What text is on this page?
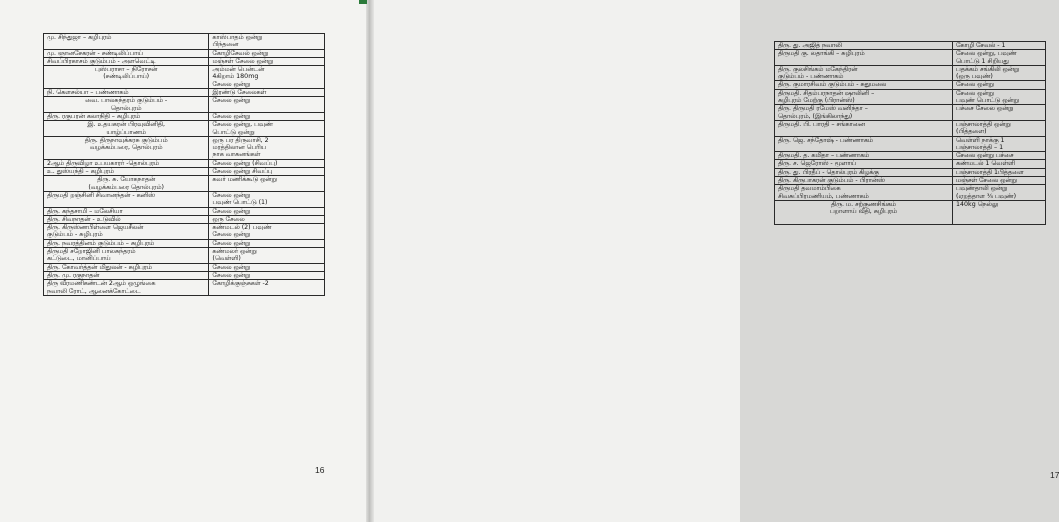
மு. சிந்துஜா – கழிபுரம்	காஸ்பாதம் ஒன்று
பிந்தனை

மு. ஞானசேகரன் - சண்டிலிப்பாய்	கோழிசேவல் ஒன்று

சிவப்பிரகாசம் குடும்பம் - அளவெட்டி	மஞ்சள் சேலை ஒன்று

புஸ்பராசா – நிரோசன்
(சண்டிலிப்பாய்)	அம்மன் பென்டன்
4கிறாம் 180mg
சேலை ஒன்று

நி. கௌசல்யா – பண்ணாகம்	இரண்டு சேலைகள்

வை. பாலசுந்தரம் குடும்பம் -
தொல்புரம்	சேலை ஒன்று

திரு. ரகுபரன் கலாநிதி – சுழிபுரம்	சேலை ஒன்று

இ. உதயகரன் பிரவுவினிதி,
யாழ்ப்பாணம்	சேலை ஒன்று, பவுண்
பொட்டு ஒன்று

திரு. திருநாவுக்கரசு குடும்பம்
வழக்கம்பரை, தொல்புரம்	ஒரு பர திருவாசி, 2
மரத்திலான பெரிய
நாக வாகனங்கள்

2ஆம் திருவிழா உபயகாரர் -தொல்புரம்	சேலை ஒன்று (சிவப்பு)

உ. துஸ்யந்தி – கழிபுரம்	சேலை ஒன்று சிவப்பு

திரு. சு. யோகநாதன்
(வழக்கம்பரை தொல்புரம்)	கவர் மணிக்கூடு ஒன்று

திருமதி றஞ்சினி சிவானந்தன் - கனிஸ்	சேலை ஒன்று
பவுண் பொட்டு (1)

திரு. கந்தசாமி – மலேசியா	சேலை ஒன்று

திரு. சிவநாதன் - உடுவில்	ஒரு சேலை

திரு. கிருஸ்ணபிள்ளை ஜெயசீலன்
குடும்பம் - சுழிபுரம்	கண்மடல் (2) பவுண்
சேலை ஒன்று

திரு. நவரத்தினம் குடும்பம் – சுழிபுரம்	சேலை ஒன்று

திருமதி சறோஜினி பாலசுந்தரம்
கட்டுடை, மானிப்பாய்	கண்மலர் ஒன்று
(வெள்ளி)

திரு. கோவர்த்தன் மிதுலன் - சுழிபுரம்	சேலை ஒன்று

திரு. மு. ரகுநாதன்	சேலை ஒன்று

திரு வீரமணிகண்டன் 2ஆம் ஒழுங்கை
நவாலி ரோட், ஆனைக்கோட்டை	கோழிக்குஞ்சுகள் -2
16
திரு. து. அஜித் நவாலி	கோழி சேவல் - 1

திருமதி கு. லதாங்கி – சுழிபுரம்	சேலை ஒன்று, பவுண்
பொட்டு 1 சிறியது

திரு. குலசிங்கம் மகேந்திரன்
குடும்பம் - பண்ணாகம்	பதக்கம் சங்கிலி ஒன்று
(ஒரு பவுண்)

திரு. குமாரசிவம் குடும்பம் - சுதுமலை	சேலை ஒன்று

திருமதி. சிதம்பரநாதன் ஷாலினி –
சுழிபுரம் மேற்கு (பிரான்ஸ்)	சேலை ஒன்று
பவுண் பொட்டு ஒன்று

திரு. திருமதி ரமேஸ் வனிந்தா –
தொல்புரம், (இங்கிலாந்து)	பச்சை சேலை ஒன்று

திருமதி. பி. பாரதி – சங்கானை	பஞ்சாலாத்தி ஒன்று
(பித்தளை)

திரு. ஜெ. சந்தோஷ் - பண்ணாகம்	வெள்ளி நாக்கு 1
பஞ்சாலாத்தி – 1

திருமதி. த. கமிதா – பண்ணாகம்	சேலை ஒன்று பச்சை

திரு. ச. ஜெரோஸ் - மூளாய்	கண்மடல் 1 வெள்ளி

திரு. து. பிரதீப் - தொல்புரம் கிழக்கு	பஞ்சாலாத்தி 1பித்தளை

திரு. கிருபாகரன் குடும்பம் - பிரான்ஸ்	மஞ்சள் சேலை ஒன்று

திருமதி தவமாம்பிகை
சிவசுப்பிரமணியம், பண்ணாகம்	பவுண்தாலி ஒன்று
(ஏறத்தாள ¾ பவுண்)

திரு. ம. சற்குணசிங்கம்
பறாளாய் வீதி, சுழிபுரம்	140kg நெல்லு
17
